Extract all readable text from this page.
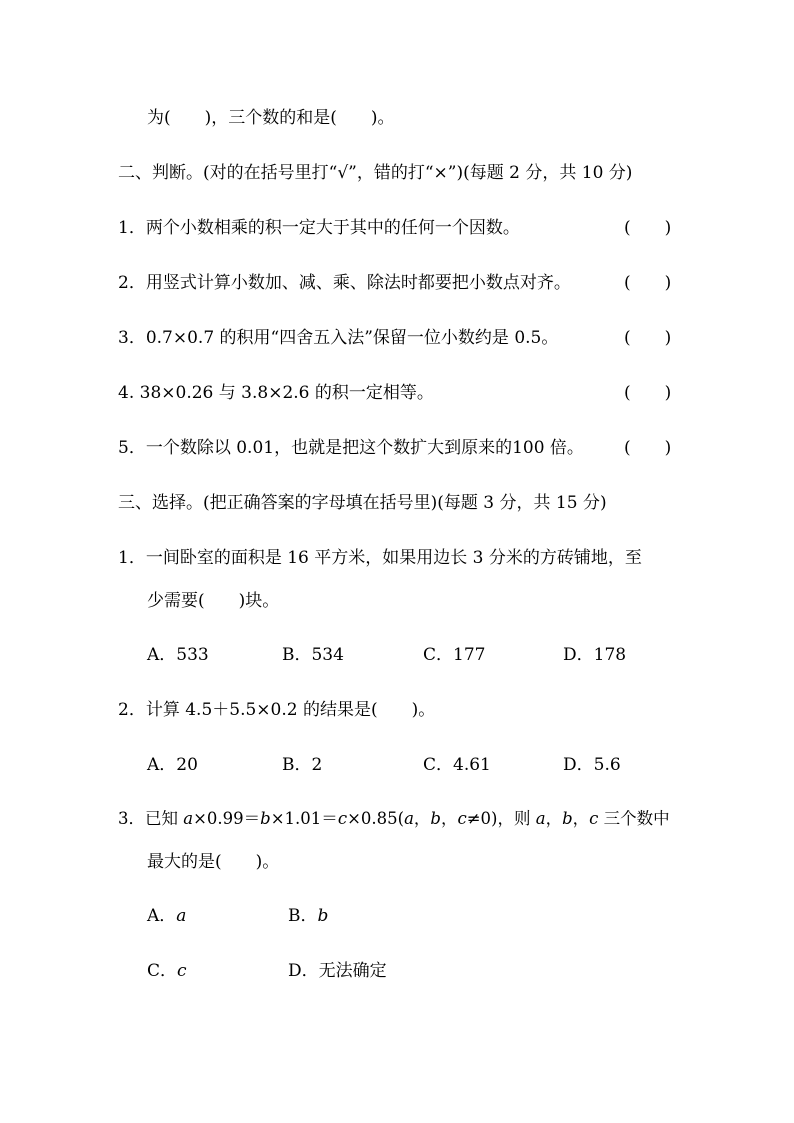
为(　　)，三个数的和是(　　)。
二、判断。(对的在括号里打“√”，错的打“×”)(每题 2 分，共 10 分)
1．两个小数相乘的积一定大于其中的任何一个因数。	(　　)
2．用竖式计算小数加、减、乘、除法时都要把小数点对齐。	(　　)
3．0.7×0.7 的积用“四舍五入法”保留一位小数约是 0.5。	(　　)
4. 38×0.26 与 3.8×2.6 的积一定相等。	(　　)
5．一个数除以 0.01，也就是把这个数扩大到原来的100 倍。 (　　)
三、选择。(把正确答案的字母填在括号里)(每题 3 分，共 15 分)
1．一间卧室的面积是 16 平方米，如果用边长 3 分米的方砖铺地，至
少需要(　　)块。
A．533	B．534	C．177	D．178
2．计算 4.5＋5.5×0.2 的结果是(　　)。
A．20	B．2	C．4.61	D．5.6
3．已知 a×0.99＝b×1.01＝c×0.85(a，b，c≠0)，则 a，b，c 三个数中
最大的是(　　)。
A．a	B．b
C．c	D．无法确定
